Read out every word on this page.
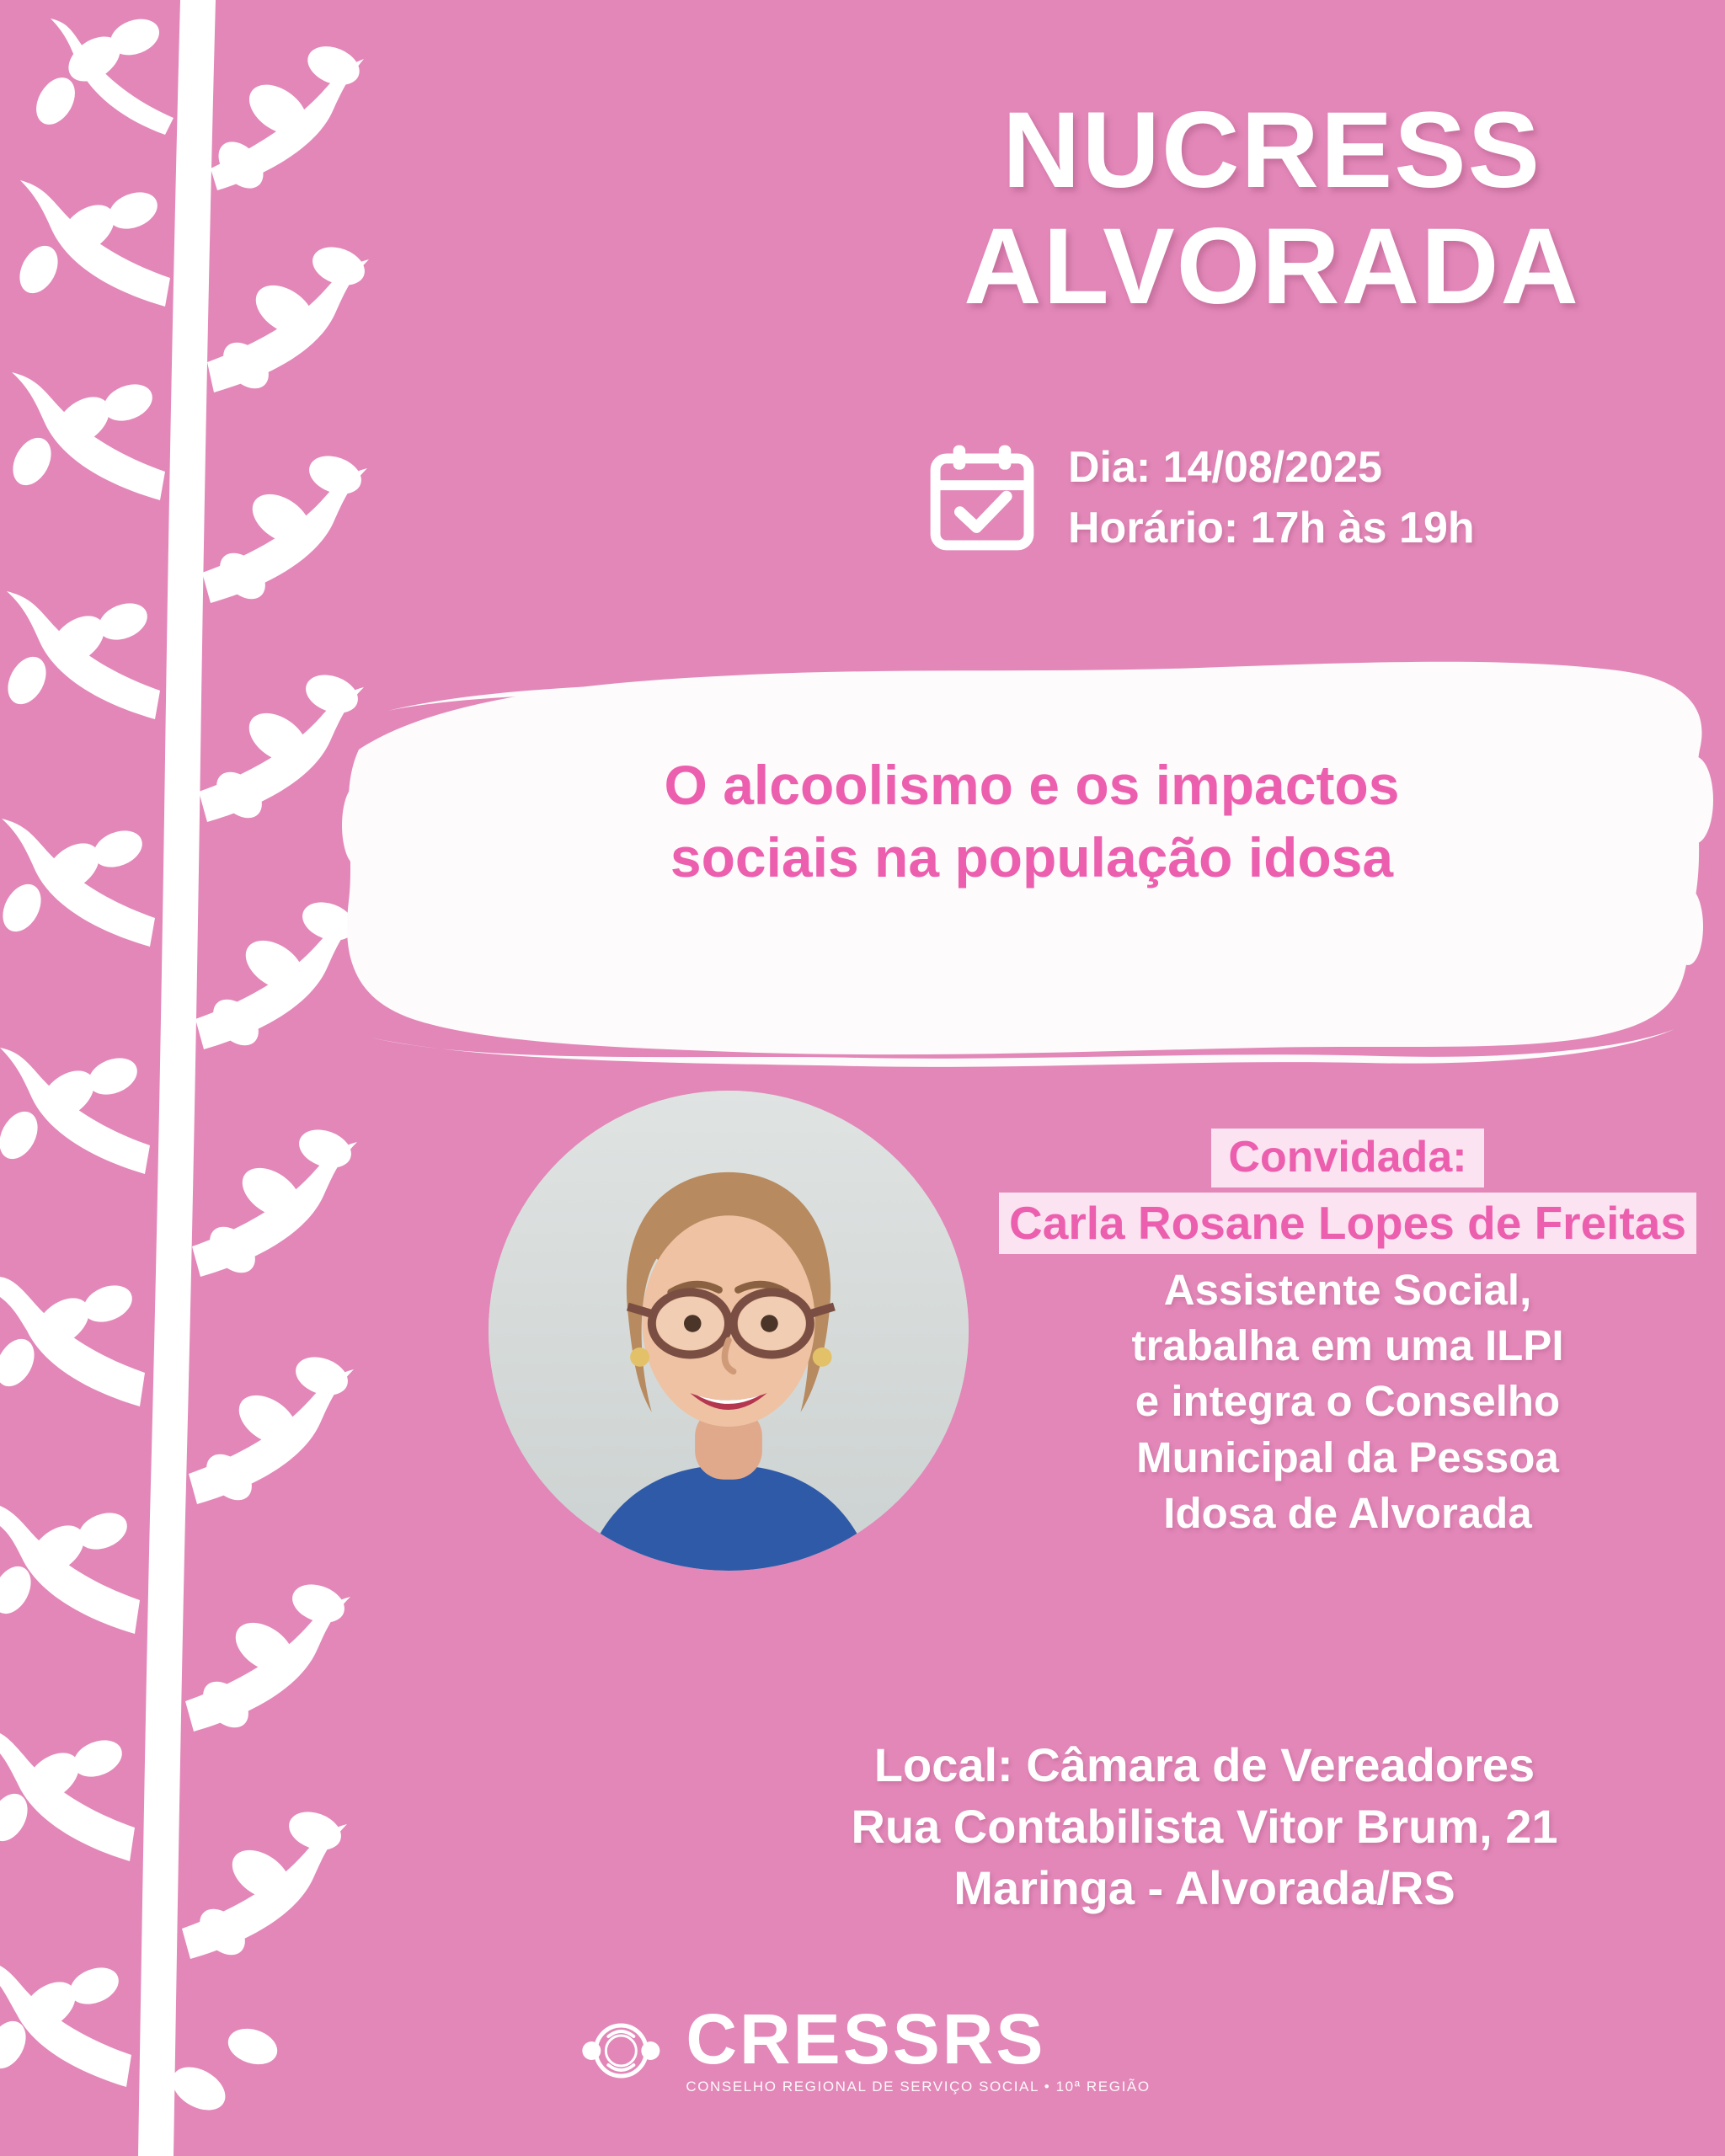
NUCRESS
ALVORADA
Dia: 14/08/2025
Horário: 17h às 19h
O alcoolismo e os impactos
sociais na população idosa
Convidada:
Carla Rosane Lopes de Freitas
Assistente Social,
trabalha em uma ILPI
e integra o Conselho
Municipal da Pessoa
Idosa de Alvorada
Local: Câmara de Vereadores
Rua Contabilista Vitor Brum, 21
Maringa - Alvorada/RS
CRESSRS
CONSELHO REGIONAL DE SERVIÇO SOCIAL • 10ª REGIÃO
